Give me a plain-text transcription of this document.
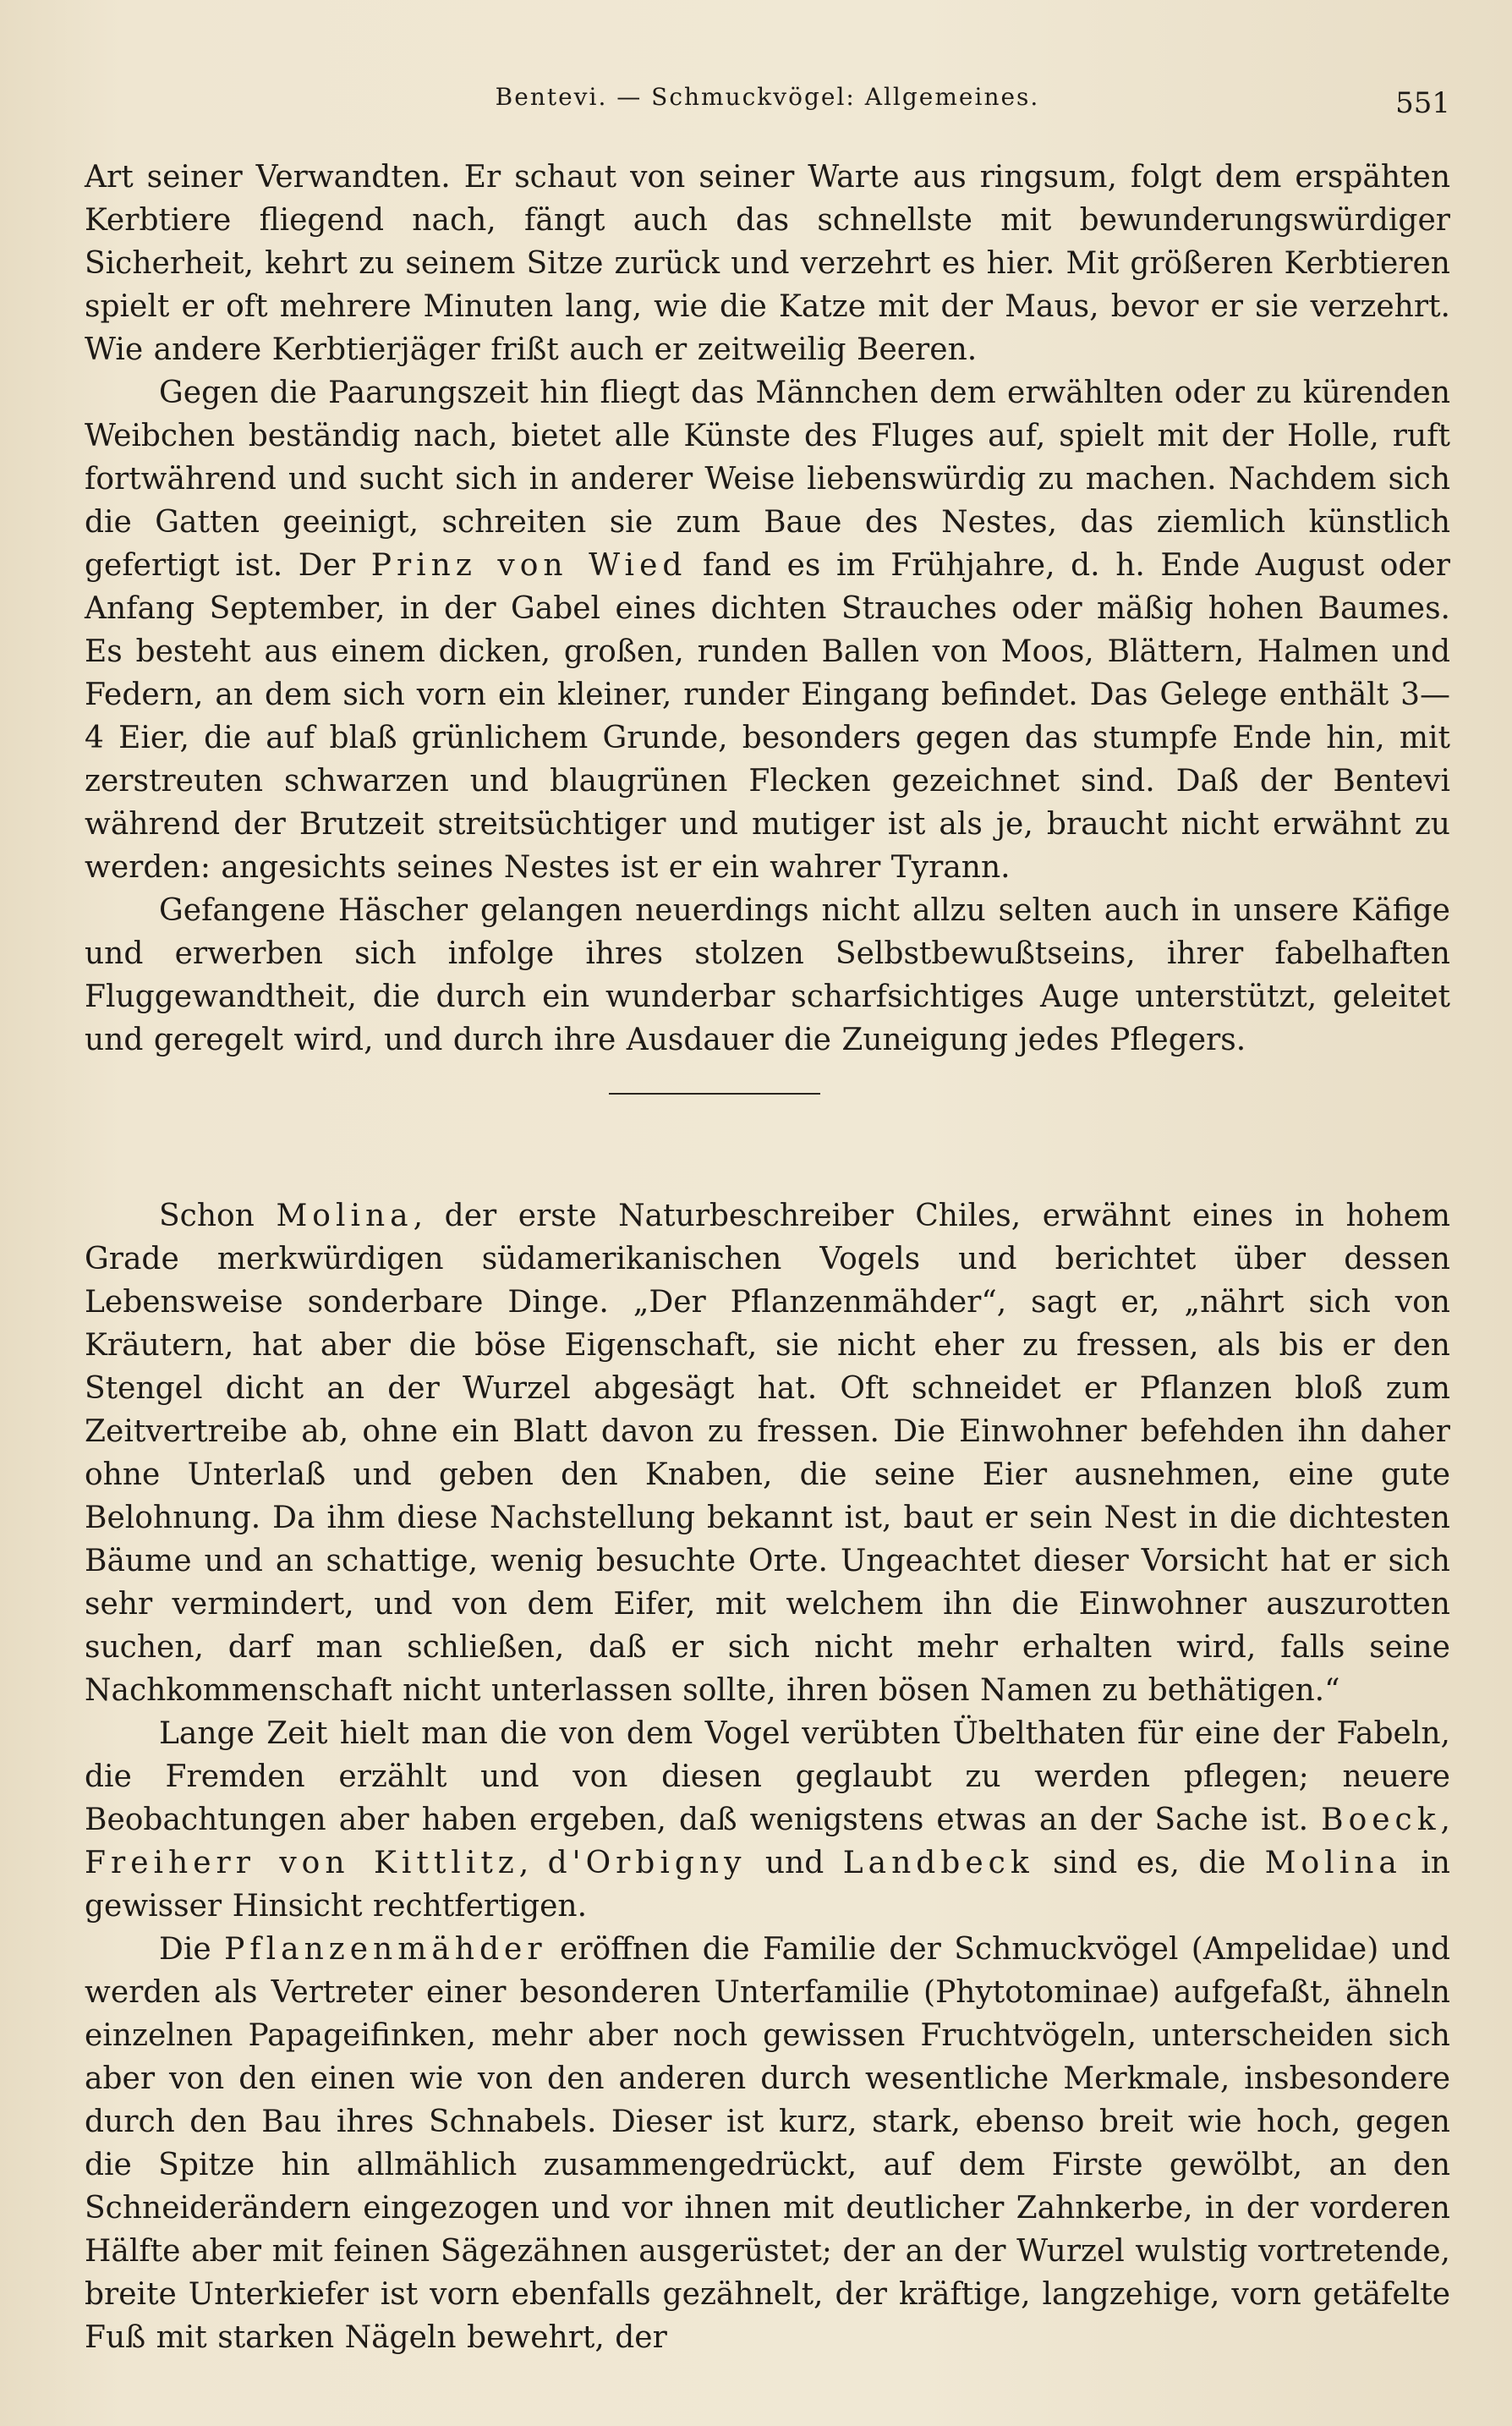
Bentevi. — Schmuckvögel: Allgemeines.	551

Art seiner Verwandten. Er schaut von seiner Warte aus ringsum, folgt dem erspähten Kerbtiere fliegend nach, fängt auch das schnellste mit bewunderungswürdiger Sicherheit, kehrt zu seinem Sitze zurück und verzehrt es hier. Mit größeren Kerbtieren spielt er oft mehrere Minuten lang, wie die Katze mit der Maus, bevor er sie verzehrt. Wie andere Kerbtierjäger frißt auch er zeitweilig Beeren.

Gegen die Paarungszeit hin fliegt das Männchen dem erwählten oder zu kürenden Weibchen beständig nach, bietet alle Künste des Fluges auf, spielt mit der Holle, ruft fortwährend und sucht sich in anderer Weise liebenswürdig zu machen. Nachdem sich die Gatten geeinigt, schreiten sie zum Baue des Nestes, das ziemlich künstlich gefertigt ist. Der Prinz von Wied fand es im Frühjahre, d. h. Ende August oder Anfang September, in der Gabel eines dichten Strauches oder mäßig hohen Baumes. Es besteht aus einem dicken, großen, runden Ballen von Moos, Blättern, Halmen und Federn, an dem sich vorn ein kleiner, runder Eingang befindet. Das Gelege enthält 3—4 Eier, die auf blaß grünlichem Grunde, besonders gegen das stumpfe Ende hin, mit zerstreuten schwarzen und blaugrünen Flecken gezeichnet sind. Daß der Bentevi während der Brutzeit streitsüchtiger und mutiger ist als je, braucht nicht erwähnt zu werden: angesichts seines Nestes ist er ein wahrer Tyrann.

Gefangene Häscher gelangen neuerdings nicht allzu selten auch in unsere Käfige und erwerben sich infolge ihres stolzen Selbstbewußtseins, ihrer fabelhaften Fluggewandtheit, die durch ein wunderbar scharfsichtiges Auge unterstützt, geleitet und geregelt wird, und durch ihre Ausdauer die Zuneigung jedes Pflegers.

Schon Molina, der erste Naturbeschreiber Chiles, erwähnt eines in hohem Grade merkwürdigen südamerikanischen Vogels und berichtet über dessen Lebensweise sonderbare Dinge. „Der Pflanzenmähder“, sagt er, „nährt sich von Kräutern, hat aber die böse Eigenschaft, sie nicht eher zu fressen, als bis er den Stengel dicht an der Wurzel abgesägt hat. Oft schneidet er Pflanzen bloß zum Zeitvertreibe ab, ohne ein Blatt davon zu fressen. Die Einwohner befehden ihn daher ohne Unterlaß und geben den Knaben, die seine Eier ausnehmen, eine gute Belohnung. Da ihm diese Nachstellung bekannt ist, baut er sein Nest in die dichtesten Bäume und an schattige, wenig besuchte Orte. Ungeachtet dieser Vorsicht hat er sich sehr vermindert, und von dem Eifer, mit welchem ihn die Einwohner auszurotten suchen, darf man schließen, daß er sich nicht mehr erhalten wird, falls seine Nachkommenschaft nicht unterlassen sollte, ihren bösen Namen zu bethätigen.“

Lange Zeit hielt man die von dem Vogel verübten Übelthaten für eine der Fabeln, die Fremden erzählt und von diesen geglaubt zu werden pflegen; neuere Beobachtungen aber haben ergeben, daß wenigstens etwas an der Sache ist. Boeck, Freiherr von Kittlitz, d'Orbigny und Landbeck sind es, die Molina in gewisser Hinsicht rechtfertigen.

Die Pflanzenmähder eröffnen die Familie der Schmuckvögel (Ampelidae) und werden als Vertreter einer besonderen Unterfamilie (Phytotominae) aufgefaßt, ähneln einzelnen Papageifinken, mehr aber noch gewissen Fruchtvögeln, unterscheiden sich aber von den einen wie von den anderen durch wesentliche Merkmale, insbesondere durch den Bau ihres Schnabels. Dieser ist kurz, stark, ebenso breit wie hoch, gegen die Spitze hin allmählich zusammengedrückt, auf dem Firste gewölbt, an den Schneiderändern eingezogen und vor ihnen mit deutlicher Zahnkerbe, in der vorderen Hälfte aber mit feinen Sägezähnen ausgerüstet; der an der Wurzel wulstig vortretende, breite Unterkiefer ist vorn ebenfalls gezähnelt, der kräftige, langzehige, vorn getäfelte Fuß mit starken Nägeln bewehrt, der
